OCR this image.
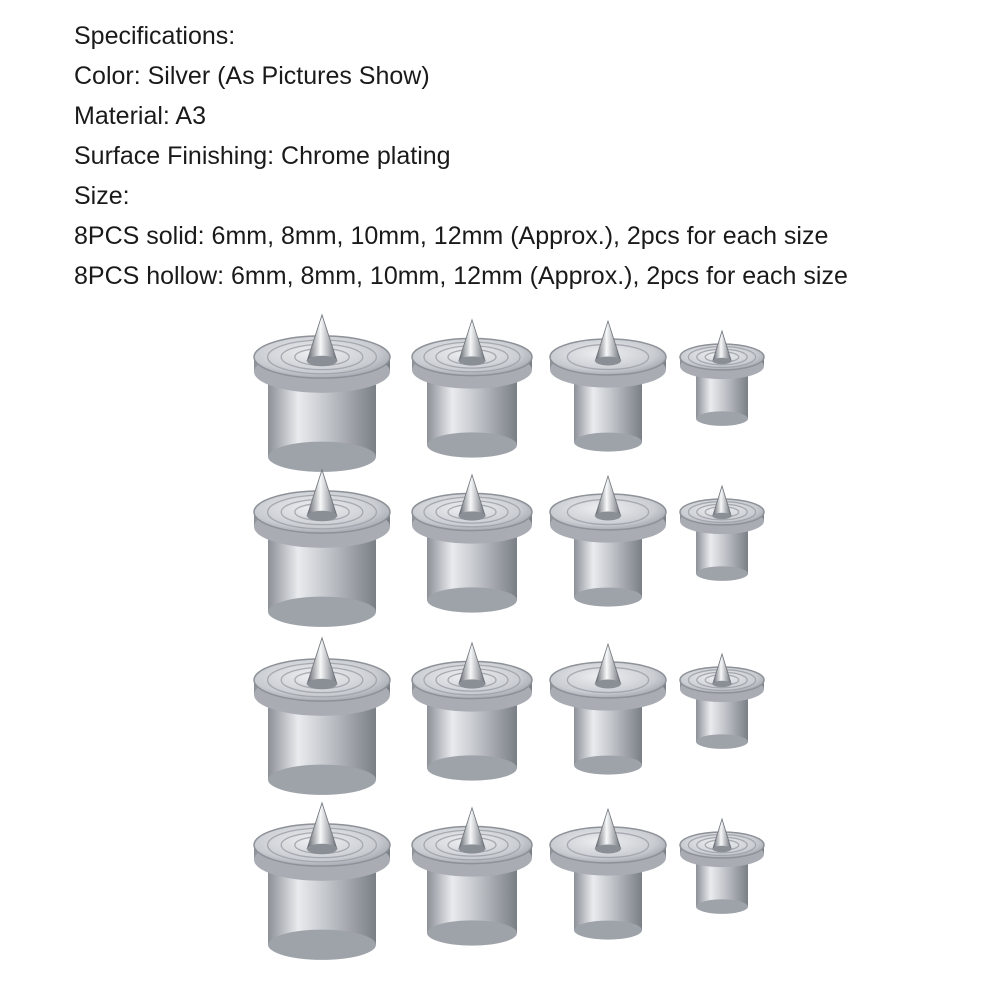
Specifications:
Color: Silver (As Pictures Show)
Material: A3
Surface Finishing: Chrome plating
Size:
8PCS solid: 6mm, 8mm, 10mm, 12mm (Approx.), 2pcs for each size
8PCS hollow: 6mm, 8mm, 10mm, 12mm (Approx.), 2pcs for each size
